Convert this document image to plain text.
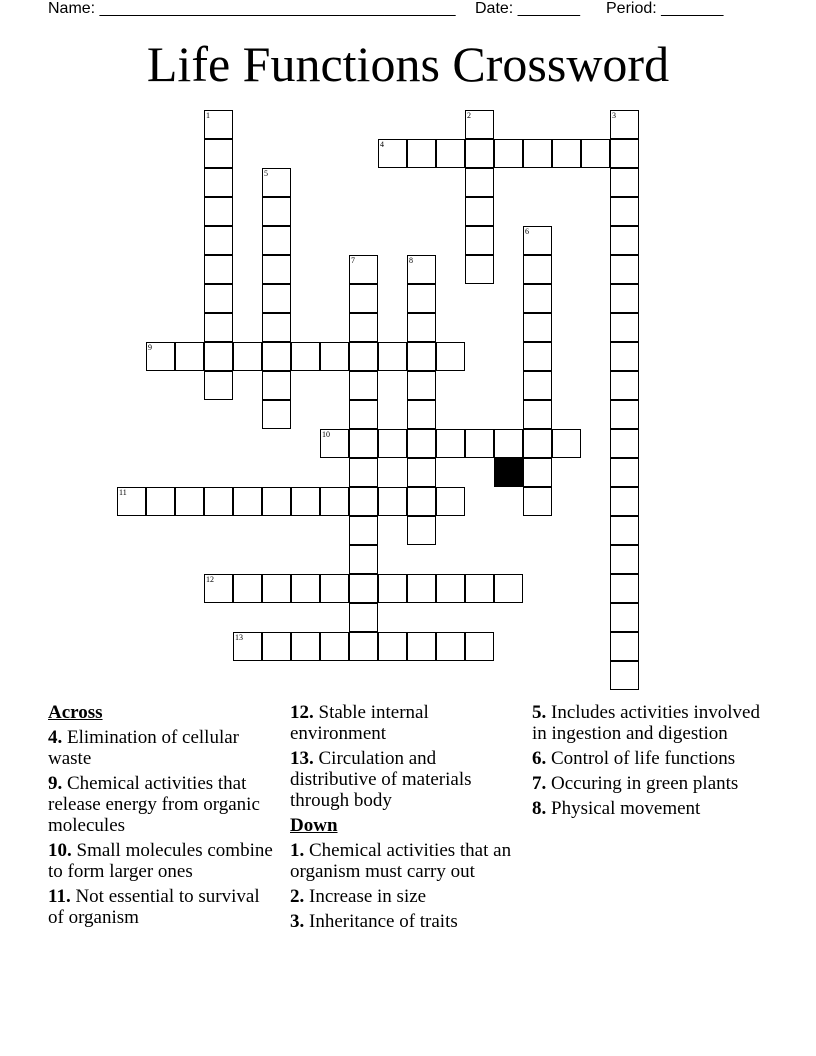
Name: ________________________________________ Date: _______ Period: _______
Life Functions Crossword
4
9
10
11
12
13
1	2	3
5
6
7	8
Across
4. Elimination of cellular waste
9. Chemical activities that release energy from organic molecules
10. Small molecules combine to form larger ones
11. Not essential to survival of organism
12. Stable internal environment
13. Circulation and distributive of materials through body
Down
1. Chemical activities that an organism must carry out
2. Increase in size
3. Inheritance of traits
5. Includes activities involved in ingestion and digestion
6. Control of life functions
7. Occuring in green plants
8. Physical movement
